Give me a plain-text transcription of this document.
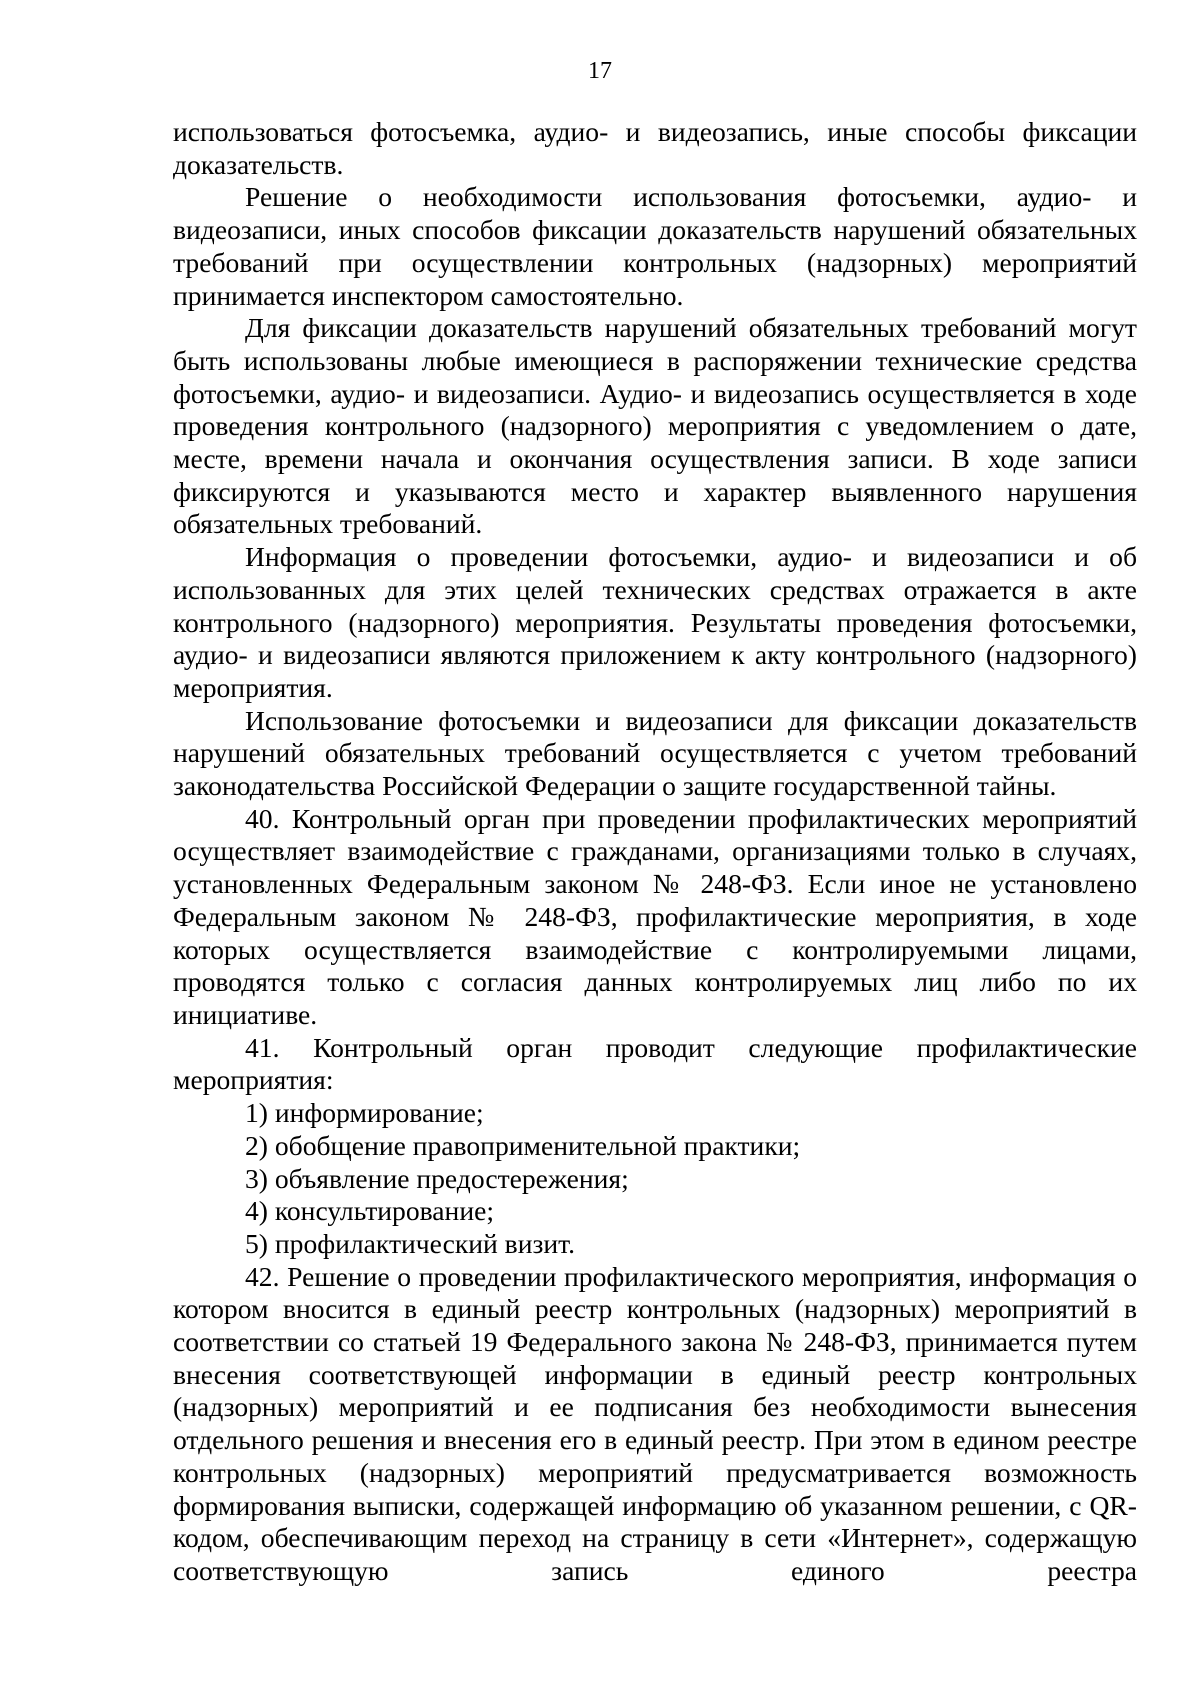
17

использоваться фотосъемка, аудио- и видеозапись, иные способы фиксации доказательств.

Решение о необходимости использования фотосъемки, аудио- и видеозаписи, иных способов фиксации доказательств нарушений обязательных требований при осуществлении контрольных (надзорных) мероприятий принимается инспектором самостоятельно.

Для фиксации доказательств нарушений обязательных требований могут быть использованы любые имеющиеся в распоряжении технические средства фотосъемки, аудио- и видеозаписи. Аудио- и видеозапись осуществляется в ходе проведения контрольного (надзорного) мероприятия с уведомлением о дате, месте, времени начала и окончания осуществления записи. В ходе записи фиксируются и указываются место и характер выявленного нарушения обязательных требований.

Информация о проведении фотосъемки, аудио- и видеозаписи и об использованных для этих целей технических средствах отражается в акте контрольного (надзорного) мероприятия. Результаты проведения фотосъемки, аудио- и видеозаписи являются приложением к акту контрольного (надзорного) мероприятия.

Использование фотосъемки и видеозаписи для фиксации доказательств нарушений обязательных требований осуществляется с учетом требований законодательства Российской Федерации о защите государственной тайны.

40. Контрольный орган при проведении профилактических мероприятий осуществляет взаимодействие с гражданами, организациями только в случаях, установленных Федеральным законом № 248-ФЗ. Если иное не установлено Федеральным законом № 248-ФЗ, профилактические мероприятия, в ходе которых осуществляется взаимодействие с контролируемыми лицами, проводятся только с согласия данных контролируемых лиц либо по их инициативе.

41. Контрольный орган проводит следующие профилактические мероприятия:

1) информирование;

2) обобщение правоприменительной практики;

3) объявление предостережения;

4) консультирование;

5) профилактический визит.

42. Решение о проведении профилактического мероприятия, информация о котором вносится в единый реестр контрольных (надзорных) мероприятий в соответствии со статьей 19 Федерального закона № 248-ФЗ, принимается путем внесения соответствующей информации в единый реестр контрольных (надзорных) мероприятий и ее подписания без необходимости вынесения отдельного решения и внесения его в единый реестр. При этом в едином реестре контрольных (надзорных) мероприятий предусматривается возможность формирования выписки, содержащей информацию об указанном решении, с QR-кодом, обеспечивающим переход на страницу в сети «Интернет», содержащую соответствующую запись единого реестра
